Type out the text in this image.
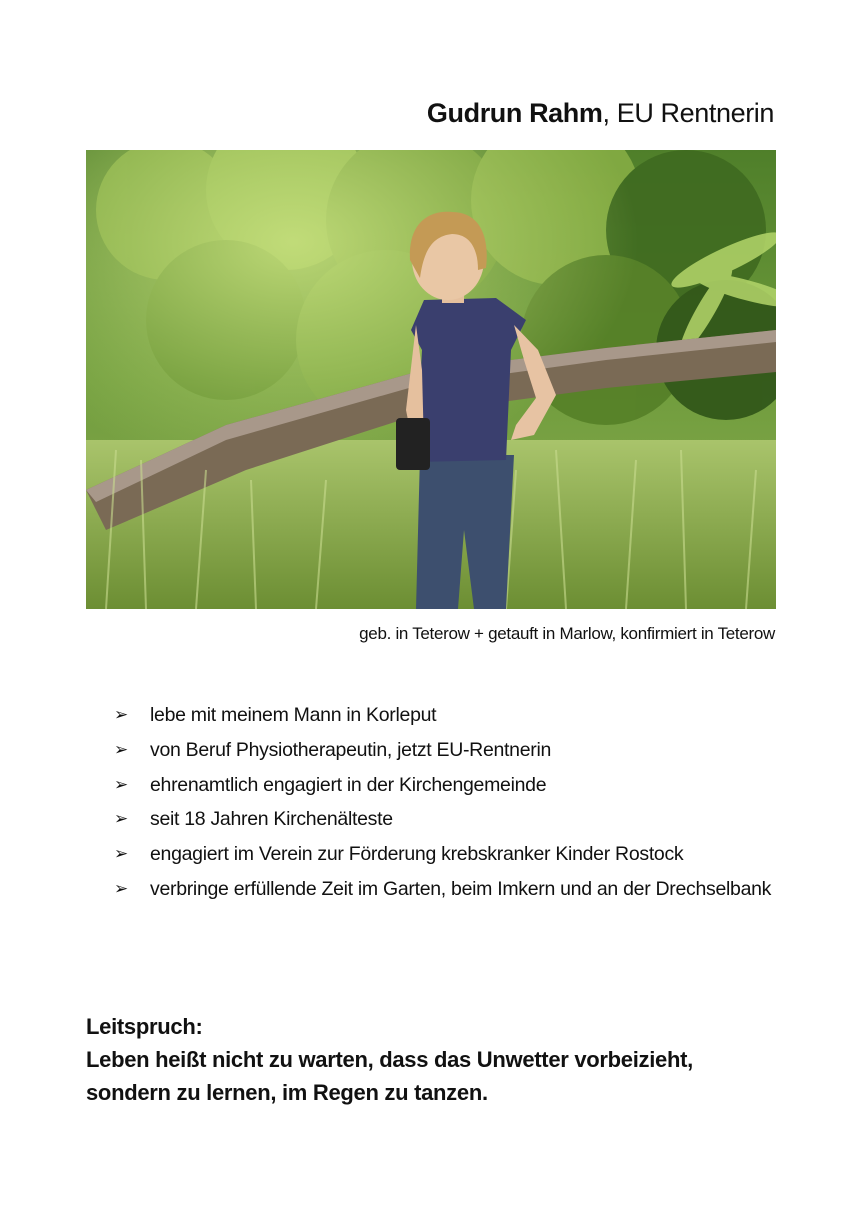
Gudrun Rahm, EU Rentnerin
geb. in Teterow + getauft in Marlow, konfirmiert in Teterow
➢	lebe mit meinem Mann in Korleput
➢	von Beruf Physiotherapeutin, jetzt EU-Rentnerin
➢	ehrenamtlich engagiert in der Kirchengemeinde
➢	seit 18 Jahren Kirchenälteste
➢	engagiert im Verein zur Förderung krebskranker Kinder Rostock
➢	verbringe erfüllende Zeit im Garten, beim Imkern und an der Drechselbank
Leitspruch:
Leben heißt nicht zu warten, dass das Unwetter vorbeizieht,
sondern zu lernen, im Regen zu tanzen.
